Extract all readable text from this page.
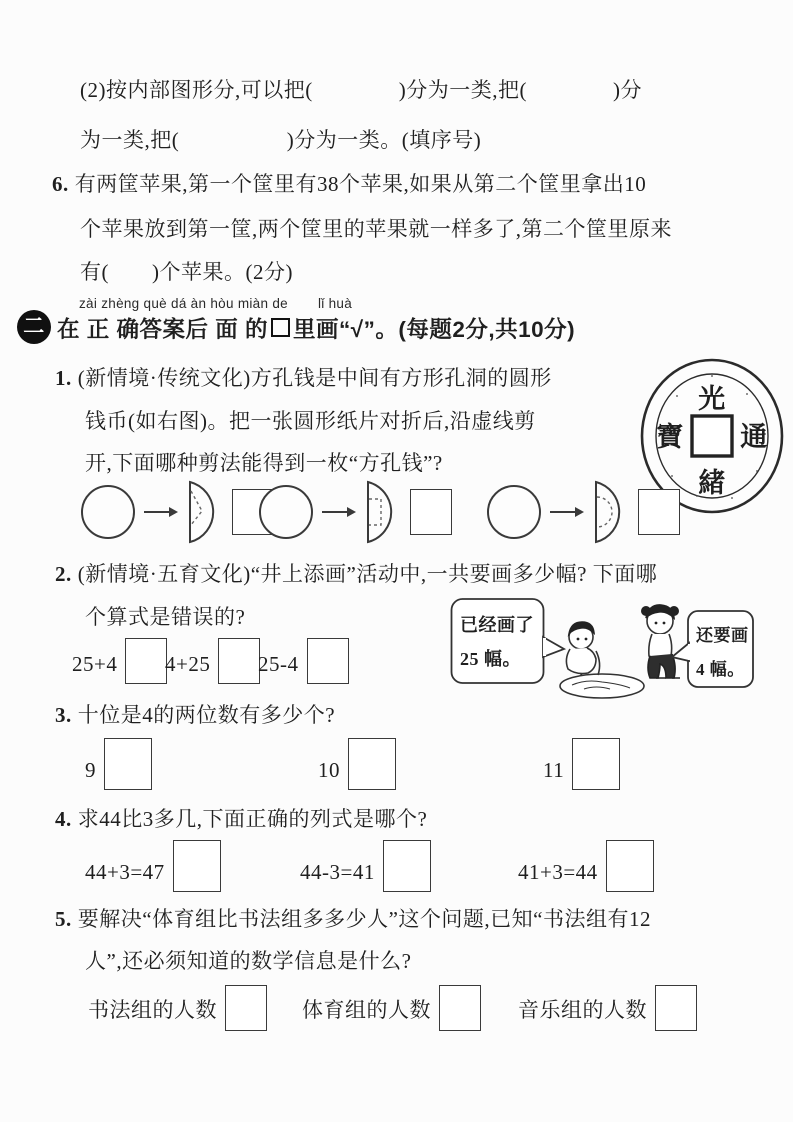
(2)按内部图形分,可以把(　　　　)分为一类,把(　　　　)分
为一类,把(　　　　　)分为一类。(填序号)
6. 有两筐苹果,第一个筐里有38个苹果,如果从第二个筐里拿出10
个苹果放到第一筐,两个筐里的苹果就一样多了,第二个筐里原来
有(　　)个苹果。(2分)
二
zài zhèng què dá àn hòu miàn de lǐ huà
在 正 确答案后 面 的 里画“√”。(每题2分,共10分)
1. (新情境·传统文化)方孔钱是中间有方形孔洞的圆形
钱币(如右图)。把一张圆形纸片对折后,沿虚线剪
开,下面哪种剪法能得到一枚“方孔钱”?
光
通
緒
寶
2. (新情境·五育文化)“井上添画”活动中,一共要画多少幅? 下面哪
个算式是错误的?
25+4 4+25 25-4
已经画了
25 幅。
还要画
4 幅。
3. 十位是4的两位数有多少个?
9	10	11
4. 求44比3多几,下面正确的列式是哪个?
44+3=47	44-3=41	41+3=44
5. 要解决“体育组比书法组多多少人”这个问题,已知“书法组有12
人”,还必须知道的数学信息是什么?
书法组的人数	体育组的人数	音乐组的人数
